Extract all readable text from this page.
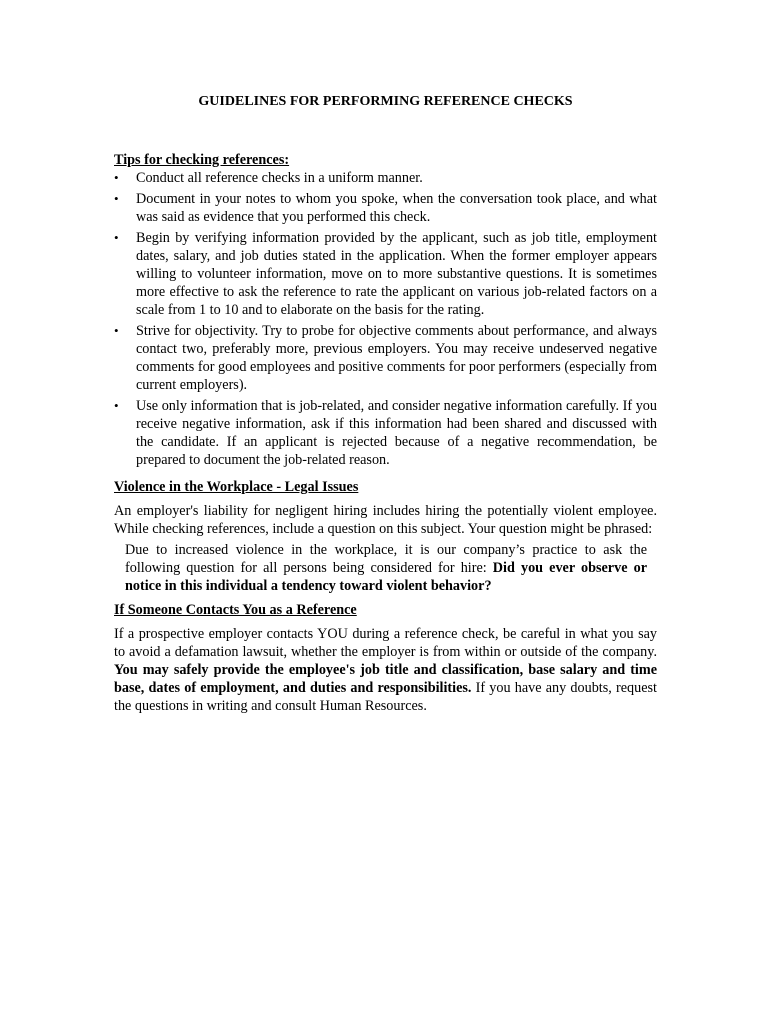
GUIDELINES FOR PERFORMING REFERENCE CHECKS

Tips for checking references:

• Conduct all reference checks in a uniform manner.
• Document in your notes to whom you spoke, when the conversation took place, and what was said as evidence that you performed this check.
• Begin by verifying information provided by the applicant, such as job title, employment dates, salary, and job duties stated in the application. When the former employer appears willing to volunteer information, move on to more substantive questions. It is sometimes more effective to ask the reference to rate the applicant on various job-related factors on a scale from 1 to 10 and to elaborate on the basis for the rating.
• Strive for objectivity. Try to probe for objective comments about performance, and always contact two, preferably more, previous employers. You may receive undeserved negative comments for good employees and positive comments for poor performers (especially from current employers).
• Use only information that is job-related, and consider negative information carefully. If you receive negative information, ask if this information had been shared and discussed with the candidate. If an applicant is rejected because of a negative recommendation, be prepared to document the job-related reason.

Violence in the Workplace - Legal Issues

An employer's liability for negligent hiring includes hiring the potentially violent employee. While checking references, include a question on this subject. Your question might be phrased:

Due to increased violence in the workplace, it is our company’s practice to ask the following question for all persons being considered for hire: Did you ever observe or notice in this individual a tendency toward violent behavior?

If Someone Contacts You as a Reference

If a prospective employer contacts YOU during a reference check, be careful in what you say to avoid a defamation lawsuit, whether the employer is from within or outside of the company. You may safely provide the employee's job title and classification, base salary and time base, dates of employment, and duties and responsibilities. If you have any doubts, request the questions in writing and consult Human Resources.
